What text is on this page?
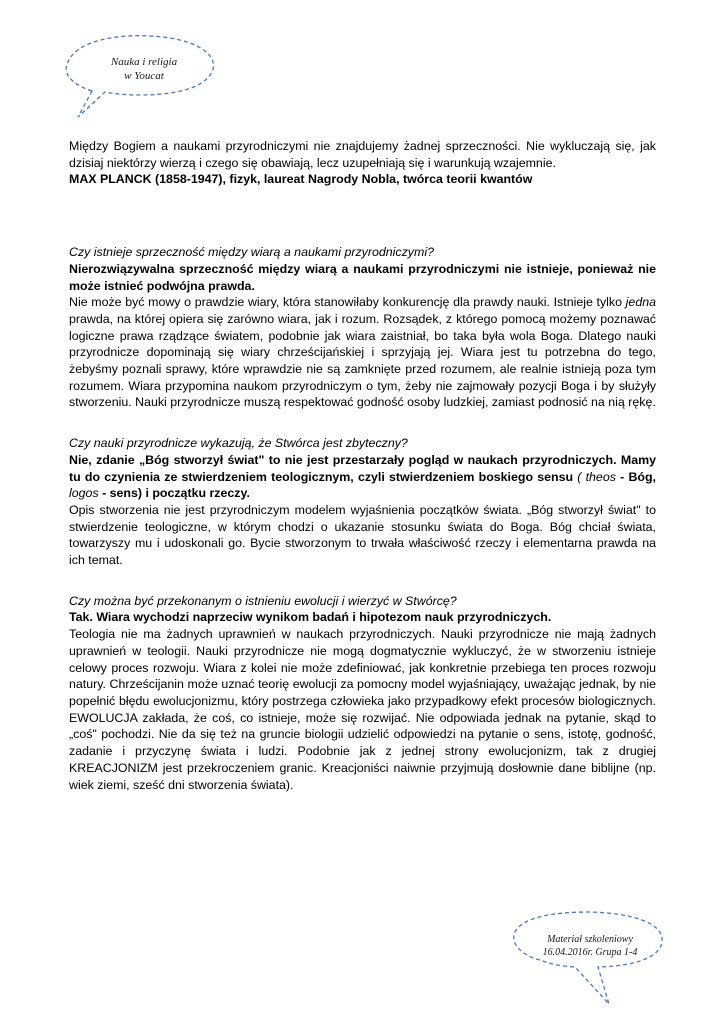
Nauka i religia
w Youcat
Materiał szkoleniowy
16.04.2016r. Grupa 1-4

Między Bogiem a naukami przyrodniczymi nie znajdujemy żadnej sprzeczności. Nie wykluczają się, jak dzisiaj niektórzy wierzą i czego się obawiają, lecz uzupełniają się i warunkują wzajemnie.

MAX PLANCK (1858-1947), fizyk, laureat Nagrody Nobla, twórca teorii kwantów

Czy istnieje sprzeczność między wiarą a naukami przyrodniczymi?

Nierozwiązywalna sprzeczność między wiarą a naukami przyrodniczymi nie istnieje, ponieważ nie może istnieć podwójna prawda.

Nie może być mowy o prawdzie wiary, która stanowiłaby konkurencję dla prawdy nauki. Istnieje tylko jedna prawda, na której opiera się zarówno wiara, jak i rozum. Rozsądek, z którego pomocą możemy poznawać logiczne prawa rządzące światem, podobnie jak wiara zaistniał, bo taka była wola Boga. Dlatego nauki przyrodnicze dopominają się wiary chrześcijańskiej i sprzyjają jej. Wiara jest tu potrzebna do tego, żebyśmy poznali sprawy, które wprawdzie nie są zamknięte przed rozumem, ale realnie istnieją poza tym rozumem. Wiara przypomina naukom przyrodniczym o tym, żeby nie zajmowały pozycji Boga i by służyły stworzeniu. Nauki przyrodnicze muszą respektować godność osoby ludzkiej, zamiast podnosić na nią rękę.

Czy nauki przyrodnicze wykazują, że Stwórca jest zbyteczny?

Nie, zdanie „Bóg stworzył świat" to nie jest przestarzały pogląd w naukach przyrodniczych. Mamy tu do czynienia ze stwierdzeniem teologicznym, czyli stwierdzeniem boskiego sensu ( theos - Bóg, logos - sens) i początku rzeczy.

Opis stworzenia nie jest przyrodniczym modelem wyjaśnienia początków świata. „Bóg stworzył świat" to stwierdzenie teologiczne, w którym chodzi o ukazanie stosunku świata do Boga. Bóg chciał świata, towarzyszy mu i udoskonali go. Bycie stworzonym to trwała właściwość rzeczy i elementarna prawda na ich temat.

Czy można być przekonanym o istnieniu ewolucji i wierzyć w Stwórcę?

Tak. Wiara wychodzi naprzeciw wynikom badań i hipotezom nauk przyrodniczych.

Teologia nie ma żadnych uprawnień w naukach przyrodniczych. Nauki przyrodnicze nie mają żadnych uprawnień w teologii. Nauki przyrodnicze nie mogą dogmatycznie wykluczyć, że w stworzeniu istnieje celowy proces rozwoju. Wiara z kolei nie może zdefiniować, jak konkretnie przebiega ten proces rozwoju natury. Chrześcijanin może uznać teorię ewolucji za pomocny model wyjaśniający, uważając jednak, by nie popełnić błędu ewolucjonizmu, który postrzega człowieka jako przypadkowy efekt procesów biologicznych. EWOLUCJA zakłada, że coś, co istnieje, może się rozwijać. Nie odpowiada jednak na pytanie, skąd to „coś" pochodzi. Nie da się też na gruncie biologii udzielić odpowiedzi na pytanie o sens, istotę, godność, zadanie i przyczynę świata i ludzi. Podobnie jak z jednej strony ewolucjonizm, tak z drugiej KREACJONIZM jest przekroczeniem granic. Kreacjoniści naiwnie przyjmują dosłownie dane biblijne (np. wiek ziemi, sześć dni stworzenia świata).
